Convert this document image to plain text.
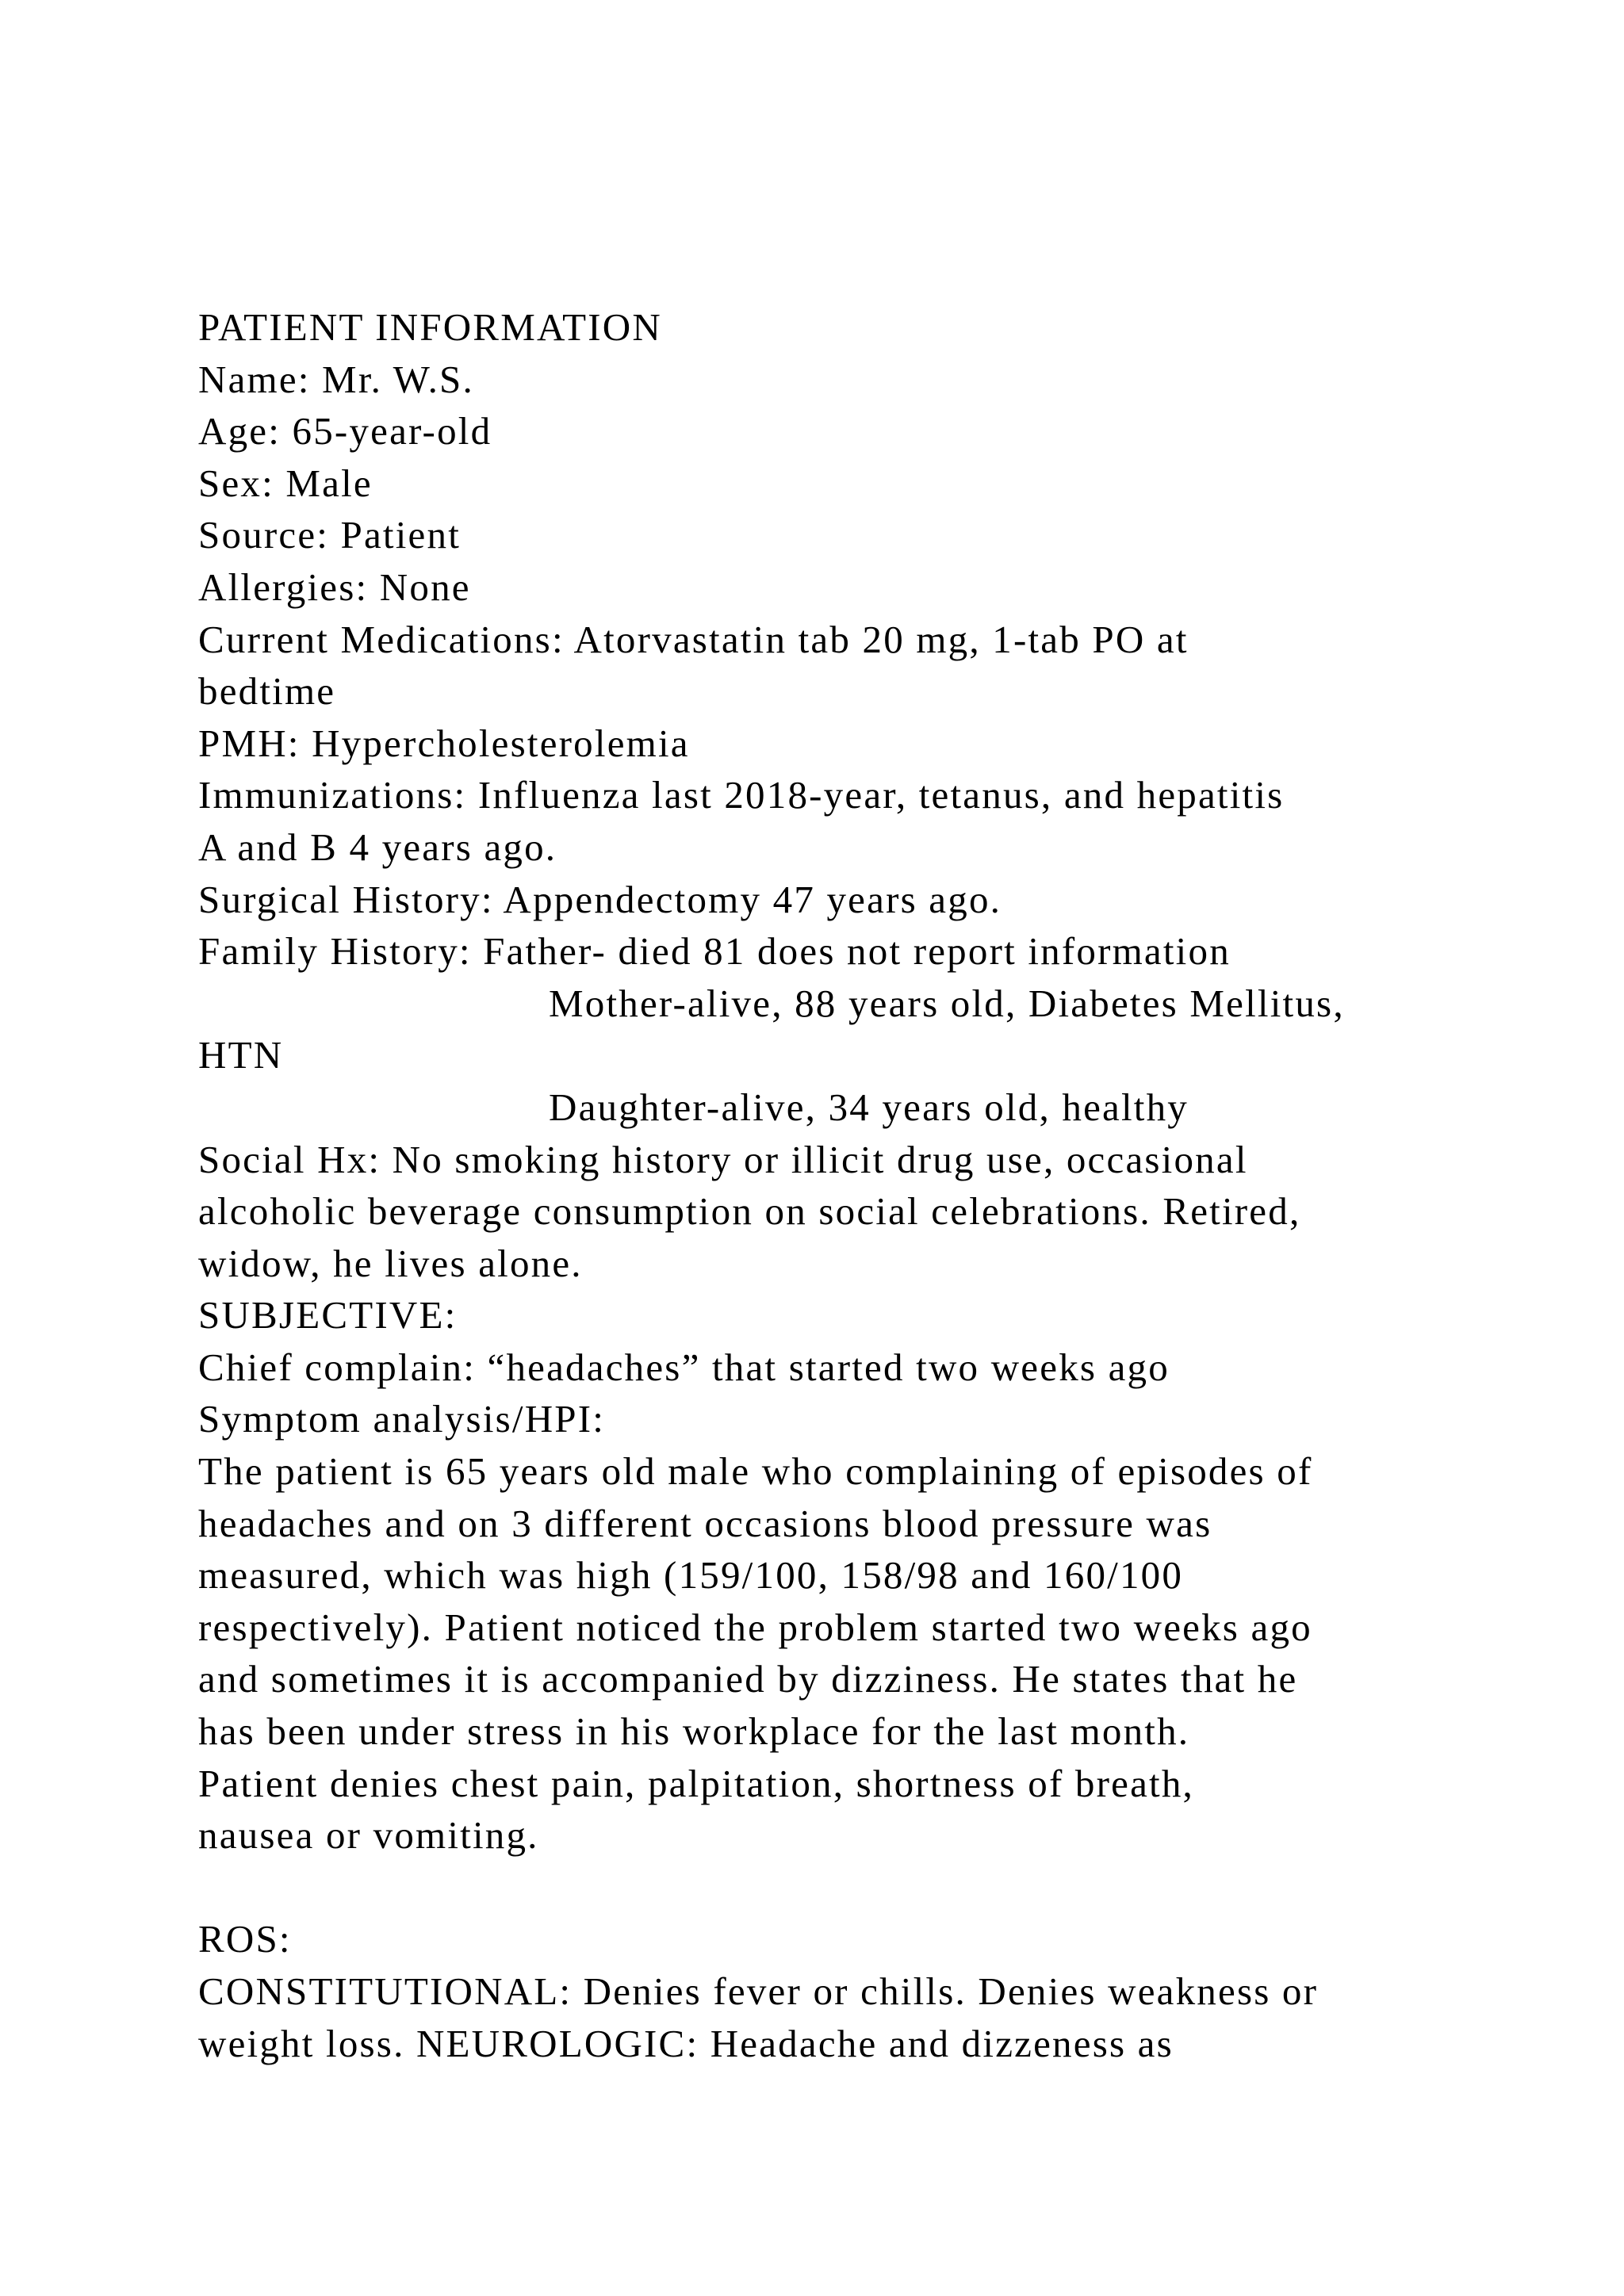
PATIENT INFORMATION
Name: Mr. W.S.
Age: 65-year-old
Sex: Male
Source: Patient
Allergies: None
Current Medications: Atorvastatin tab 20 mg, 1-tab PO at
bedtime
PMH: Hypercholesterolemia
Immunizations: Influenza last 2018-year, tetanus, and hepatitis
A and B 4 years ago.
Surgical History: Appendectomy 47 years ago.
Family History: Father- died 81 does not report information
Mother-alive, 88 years old, Diabetes Mellitus,
HTN
Daughter-alive, 34 years old, healthy
Social Hx: No smoking history or illicit drug use, occasional
alcoholic beverage consumption on social celebrations. Retired,
widow, he lives alone.
SUBJECTIVE:
Chief complain: “headaches” that started two weeks ago
Symptom analysis/HPI:
The patient is 65 years old male who complaining of episodes of
headaches and on 3 different occasions blood pressure was
measured, which was high (159/100, 158/98 and 160/100
respectively). Patient noticed the problem started two weeks ago
and sometimes it is accompanied by dizziness. He states that he
has been under stress in his workplace for the last month.
Patient denies chest pain, palpitation, shortness of breath,
nausea or vomiting.
ROS:
CONSTITUTIONAL: Denies fever or chills. Denies weakness or
weight loss. NEUROLOGIC: Headache and dizzeness as
